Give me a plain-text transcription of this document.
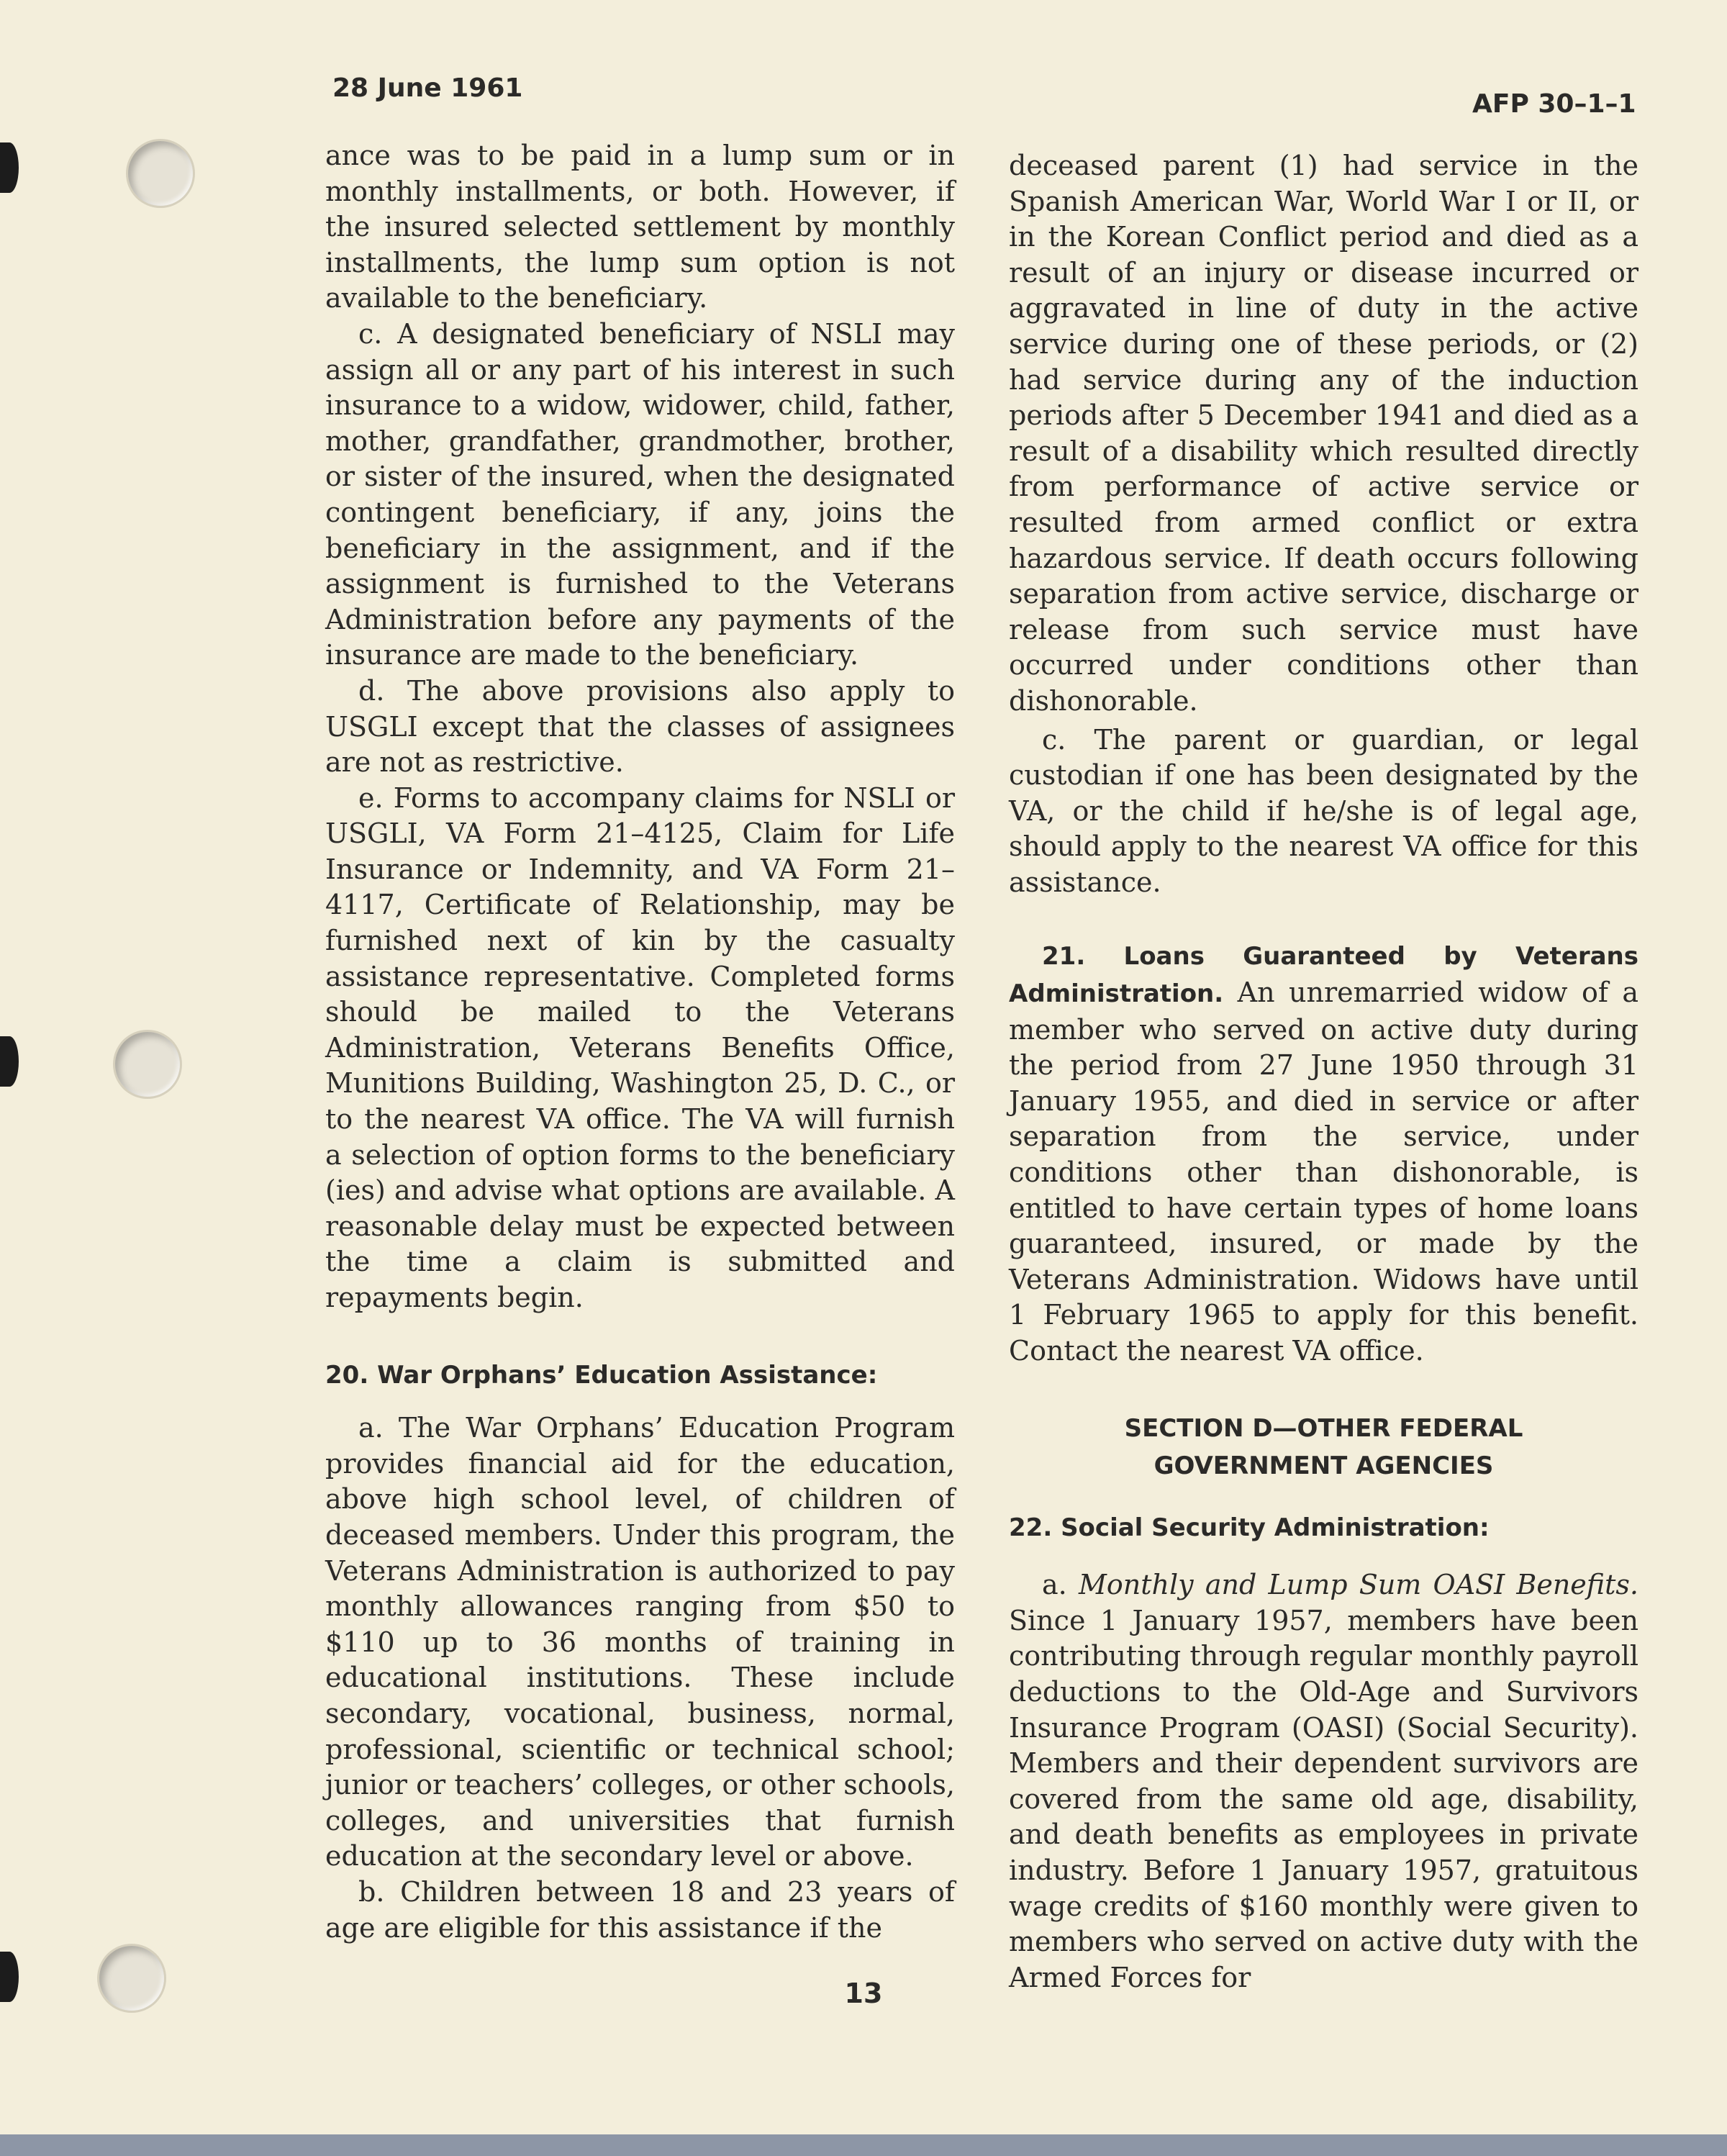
28 June 1961
AFP 30–1–1

ance was to be paid in a lump sum or in monthly installments, or both. However, if the insured selected settlement by monthly installments, the lump sum option is not available to the beneficiary.

c. A designated beneficiary of NSLI may assign all or any part of his interest in such insurance to a widow, widower, child, father, mother, grandfather, grandmother, brother, or sister of the insured, when the designated contingent beneficiary, if any, joins the beneficiary in the assignment, and if the assignment is furnished to the Veterans Administration before any payments of the insurance are made to the beneficiary.

d. The above provisions also apply to USGLI except that the classes of assignees are not as restrictive.

e. Forms to accompany claims for NSLI or USGLI, VA Form 21–4125, Claim for Life Insurance or Indemnity, and VA Form 21–4117, Certificate of Relationship, may be furnished next of kin by the casualty assistance representative. Completed forms should be mailed to the Veterans Administration, Veterans Benefits Office, Munitions Building, Washington 25, D. C., or to the nearest VA office. The VA will furnish a selection of option forms to the beneficiary (ies) and advise what options are available. A reasonable delay must be expected between the time a claim is submitted and repayments begin.

20. War Orphans’ Education Assistance:

a. The War Orphans’ Education Program provides financial aid for the education, above high school level, of children of deceased members. Under this program, the Veterans Administration is authorized to pay monthly allowances ranging from $50 to $110 up to 36 months of training in educational institutions. These include secondary, vocational, business, normal, professional, scientific or technical school; junior or teachers’ colleges, or other schools, colleges, and universities that furnish education at the secondary level or above.

b. Children between 18 and 23 years of age are eligible for this assistance if the

deceased parent (1) had service in the Spanish American War, World War I or II, or in the Korean Conflict period and died as a result of an injury or disease incurred or aggravated in line of duty in the active service during one of these periods, or (2) had service during any of the induction periods after 5 December 1941 and died as a result of a disability which resulted directly from performance of active service or resulted from armed conflict or extra hazardous service. If death occurs following separation from active service, discharge or release from such service must have occurred under conditions other than dishonorable.

c. The parent or guardian, or legal custodian if one has been designated by the VA, or the child if he/she is of legal age, should apply to the nearest VA office for this assistance.

21. Loans Guaranteed by Veterans Administration. An unremarried widow of a member who served on active duty during the period from 27 June 1950 through 31 January 1955, and died in service or after separation from the service, under conditions other than dishonorable, is entitled to have certain types of home loans guaranteed, insured, or made by the Veterans Administration. Widows have until 1 February 1965 to apply for this benefit. Contact the nearest VA office.

SECTION D—OTHER FEDERAL GOVERNMENT AGENCIES

22. Social Security Administration:

a. Monthly and Lump Sum OASI Benefits. Since 1 January 1957, members have been contributing through regular monthly payroll deductions to the Old-Age and Survivors Insurance Program (OASI) (Social Security). Members and their dependent survivors are covered from the same old age, disability, and death benefits as employees in private industry. Before 1 January 1957, gratuitous wage credits of $160 monthly were given to members who served on active duty with the Armed Forces for

13
